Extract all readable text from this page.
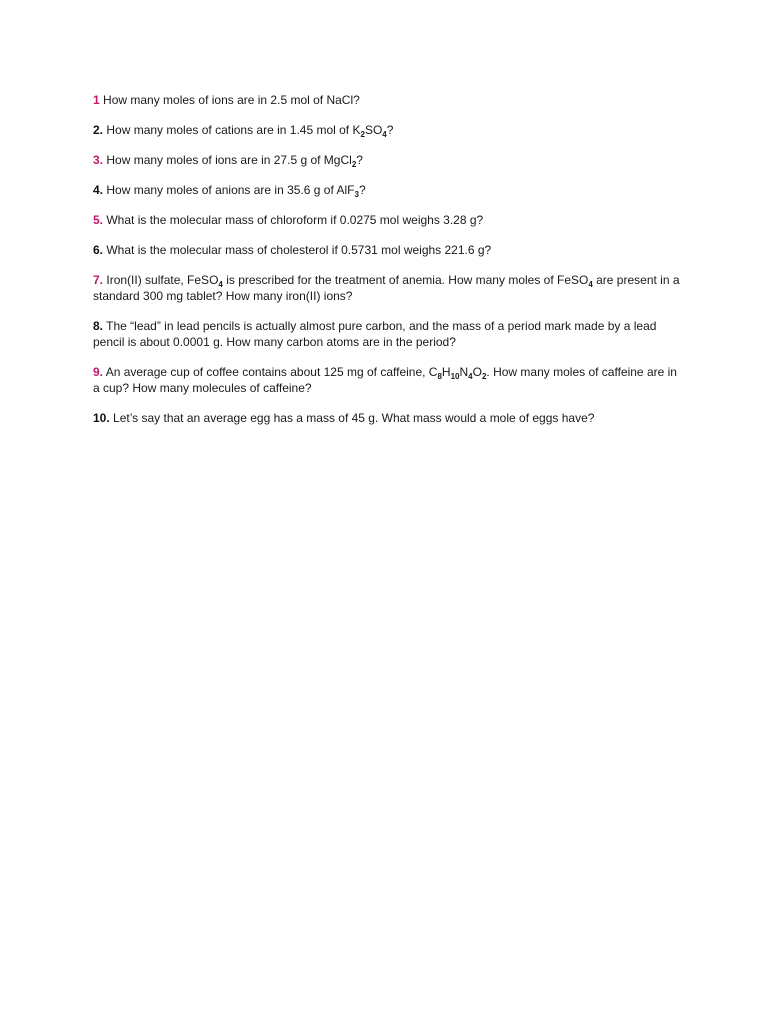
1 How many moles of ions are in 2.5 mol of NaCl?

2. How many moles of cations are in 1.45 mol of $K_2SO_4$?

3. How many moles of ions are in 27.5 g of MgCl$_2$?

4. How many moles of anions are in 35.6 g of AlF$_3$?

5. What is the molecular mass of chloroform if 0.0275 mol weighs 3.28 g?

6. What is the molecular mass of cholesterol if 0.5731 mol weighs 221.6 g?

7. Iron(II) sulfate, FeSO$_4$ is prescribed for the treatment of anemia. How many moles of FeSO$_4$ are present in a standard 300 mg tablet? How many iron(II) ions?

8. The “lead” in lead pencils is actually almost pure carbon, and the mass of a period mark made by a lead pencil is about 0.0001 g. How many carbon atoms are in the period?

9. An average cup of coffee contains about 125 mg of caffeine, $C_8H_{10}N_4O_2$. How many moles of caffeine are in a cup? How many molecules of caffeine?

10. Let’s say that an average egg has a mass of 45 g. What mass would a mole of eggs have?
